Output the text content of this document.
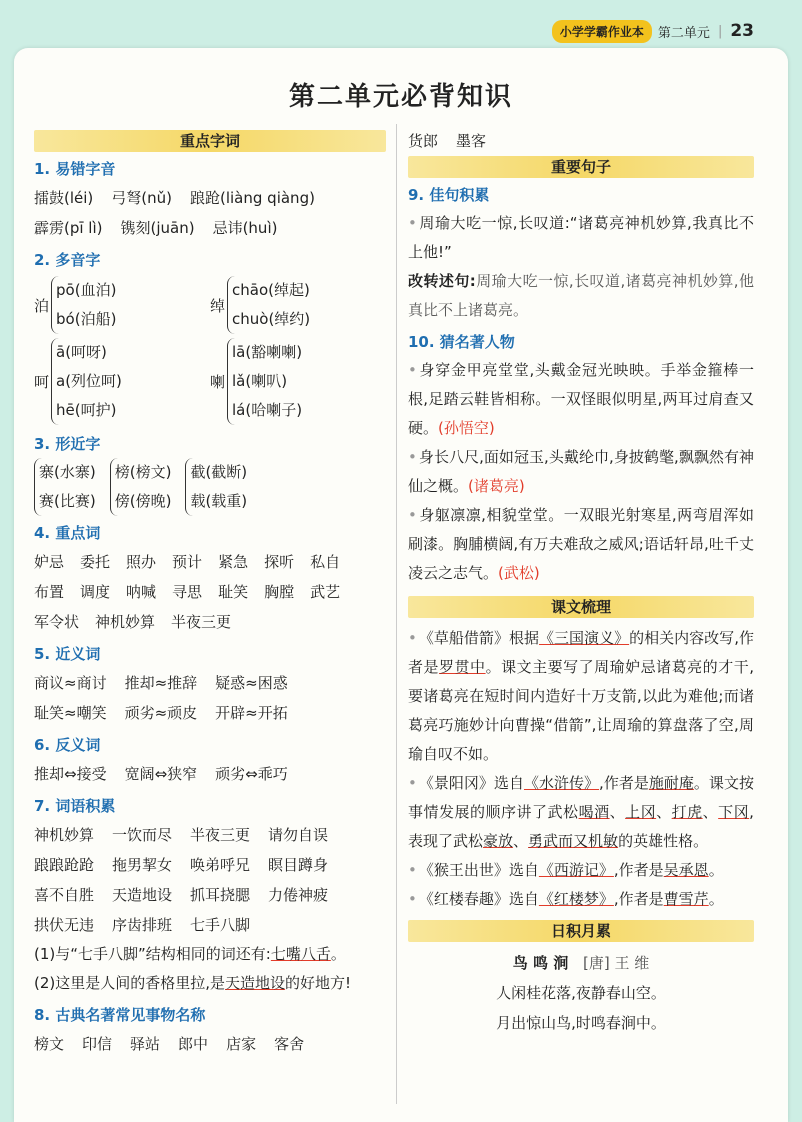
小学学霸作业本	第二单元 | 23
第二单元必背知识
重点字词
1. 易错字音
擂鼓(léi) 弓弩(nǔ) 踉跄(liàng qiàng)
霹雳(pī lì) 镌刻(juān) 忌讳(huì)
2. 多音字
泊
pō(血泊)
bó(泊船)
绰
chāo(绰起)
chuò(绰约)
呵
ā(呵呀)
a(列位呵)
hē(呵护)
喇
lā(豁喇喇)
lǎ(喇叭)
lá(哈喇子)
3. 形近字
寨(水寨)
赛(比赛)
榜(榜文)
傍(傍晚)
截(截断)
载(载重)
4. 重点词
妒忌 委托 照办 预计 紧急 探听 私自
布置 调度 呐喊 寻思 耻笑 胸膛 武艺
军令状 神机妙算 半夜三更
5. 近义词
商议≈商讨 推却≈推辞 疑惑≈困惑
耻笑≈嘲笑 顽劣≈顽皮 开辟≈开拓
6. 反义词
推却⇔接受 宽阔⇔狭窄 顽劣⇔乖巧
7. 词语积累
神机妙算 一饮而尽 半夜三更 请勿自误
踉踉跄跄 拖男挈女 唤弟呼兄 瞑目蹲身
喜不自胜 天造地设 抓耳挠腮 力倦神疲
拱伏无违 序齿排班 七手八脚
(1)与“七手八脚”结构相同的词还有:七嘴八舌。
(2)这里是人间的香格里拉,是天造地设的好地方!
8. 古典名著常见事物名称
榜文 印信 驿站 郎中 店家 客舍
货郎 墨客
重要句子
9. 佳句积累
• 周瑜大吃一惊,长叹道:“诸葛亮神机妙算,我真比不上他!”
改转述句:周瑜大吃一惊,长叹道,诸葛亮神机妙算,他真比不上诸葛亮。
10. 猜名著人物
• 身穿金甲亮堂堂,头戴金冠光映映。手举金箍棒一根,足踏云鞋皆相称。一双怪眼似明星,两耳过肩查又硬。(孙悟空)
• 身长八尺,面如冠玉,头戴纶巾,身披鹤氅,飘飘然有神仙之概。(诸葛亮)
• 身躯凛凛,相貌堂堂。一双眼光射寒星,两弯眉浑如刷漆。胸脯横阔,有万夫难敌之威风;语话轩昂,吐千丈凌云之志气。(武松)
课文梳理
• 《草船借箭》根据《三国演义》的相关内容改写,作者是罗贯中。课文主要写了周瑜妒忌诸葛亮的才干,要诸葛亮在短时间内造好十万支箭,以此为难他;而诸葛亮巧施妙计向曹操“借箭”,让周瑜的算盘落了空,周瑜自叹不如。
• 《景阳冈》选自《水浒传》,作者是施耐庵。课文按事情发展的顺序讲了武松喝酒、上冈、打虎、下冈,表现了武松豪放、勇武而又机敏的英雄性格。
• 《猴王出世》选自《西游记》,作者是吴承恩。
• 《红楼春趣》选自《红楼梦》,作者是曹雪芹。
日积月累
鸟 鸣 涧 [唐] 王 维
人闲桂花落,夜静春山空。
月出惊山鸟,时鸣春涧中。
